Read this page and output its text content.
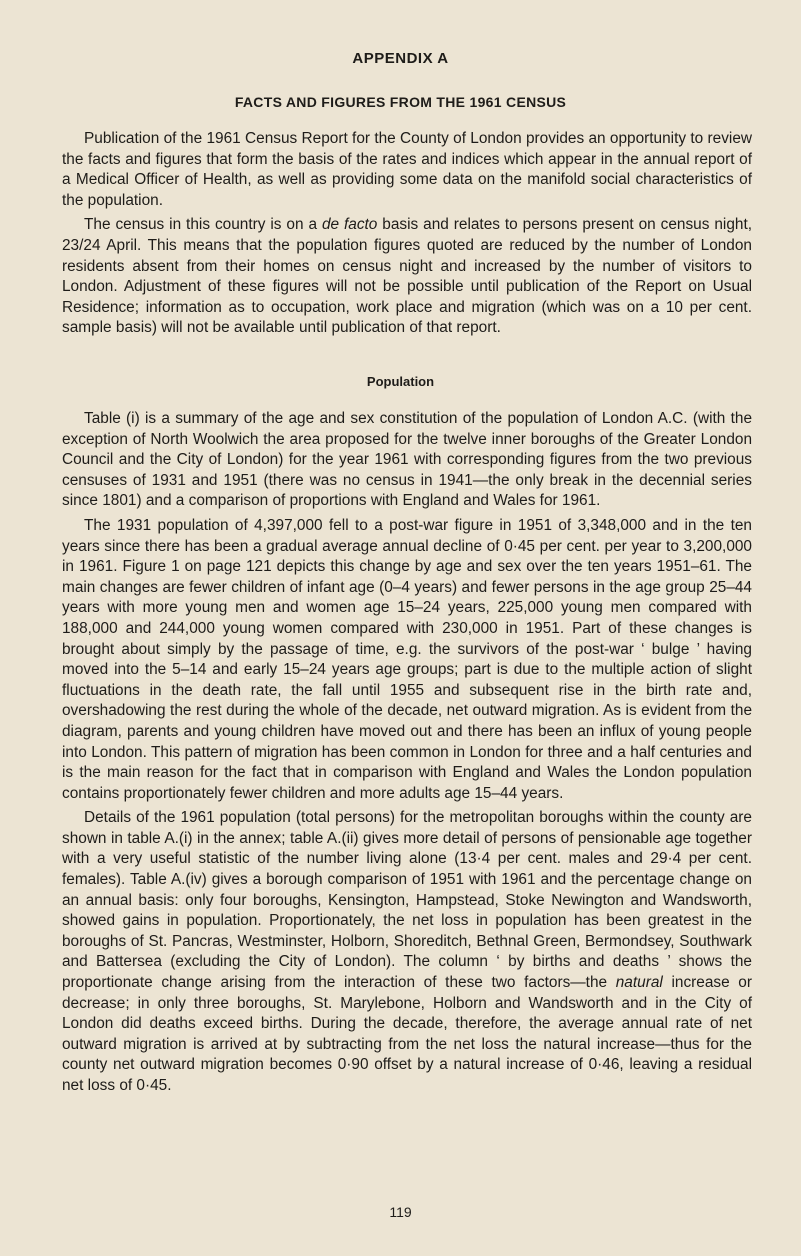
APPENDIX A
FACTS AND FIGURES FROM THE 1961 CENSUS

Publication of the 1961 Census Report for the County of London provides an opportunity to review the facts and figures that form the basis of the rates and indices which appear in the annual report of a Medical Officer of Health, as well as providing some data on the manifold social characteristics of the population.

The census in this country is on a de facto basis and relates to persons present on census night, 23/24 April. This means that the population figures quoted are reduced by the number of London residents absent from their homes on census night and increased by the number of visitors to London. Adjustment of these figures will not be possible until publication of the Report on Usual Residence; information as to occupation, work place and migration (which was on a 10 per cent. sample basis) will not be available until publication of that report.

Population

Table (i) is a summary of the age and sex constitution of the population of London A.C. (with the exception of North Woolwich the area proposed for the twelve inner boroughs of the Greater London Council and the City of London) for the year 1961 with corresponding figures from the two previous censuses of 1931 and 1951 (there was no census in 1941—the only break in the decennial series since 1801) and a comparison of proportions with England and Wales for 1961.

The 1931 population of 4,397,000 fell to a post-war figure in 1951 of 3,348,000 and in the ten years since there has been a gradual average annual decline of 0·45 per cent. per year to 3,200,000 in 1961. Figure 1 on page 121 depicts this change by age and sex over the ten years 1951–61. The main changes are fewer children of infant age (0–4 years) and fewer persons in the age group 25–44 years with more young men and women age 15–24 years, 225,000 young men compared with 188,000 and 244,000 young women compared with 230,000 in 1951. Part of these changes is brought about simply by the passage of time, e.g. the survivors of the post-war ‘ bulge ’ having moved into the 5–14 and early 15–24 years age groups; part is due to the multiple action of slight fluctuations in the death rate, the fall until 1955 and subsequent rise in the birth rate and, overshadowing the rest during the whole of the decade, net outward migration. As is evident from the diagram, parents and young children have moved out and there has been an influx of young people into London. This pattern of migration has been common in London for three and a half centuries and is the main reason for the fact that in comparison with England and Wales the London population contains proportionately fewer children and more adults age 15–44 years.

Details of the 1961 population (total persons) for the metropolitan boroughs within the county are shown in table A.(i) in the annex; table A.(ii) gives more detail of persons of pensionable age together with a very useful statistic of the number living alone (13·4 per cent. males and 29·4 per cent. females). Table A.(iv) gives a borough comparison of 1951 with 1961 and the percentage change on an annual basis: only four boroughs, Kensington, Hampstead, Stoke Newington and Wandsworth, showed gains in population. Proportionately, the net loss in population has been greatest in the boroughs of St. Pancras, Westminster, Holborn, Shoreditch, Bethnal Green, Bermondsey, Southwark and Battersea (excluding the City of London). The column ‘ by births and deaths ’ shows the proportionate change arising from the interaction of these two factors—the natural increase or decrease; in only three boroughs, St. Marylebone, Holborn and Wandsworth and in the City of London did deaths exceed births. During the decade, therefore, the average annual rate of net outward migration is arrived at by subtracting from the net loss the natural increase—thus for the county net outward migration becomes 0·90 offset by a natural increase of 0·46, leaving a residual net loss of 0·45.

119
